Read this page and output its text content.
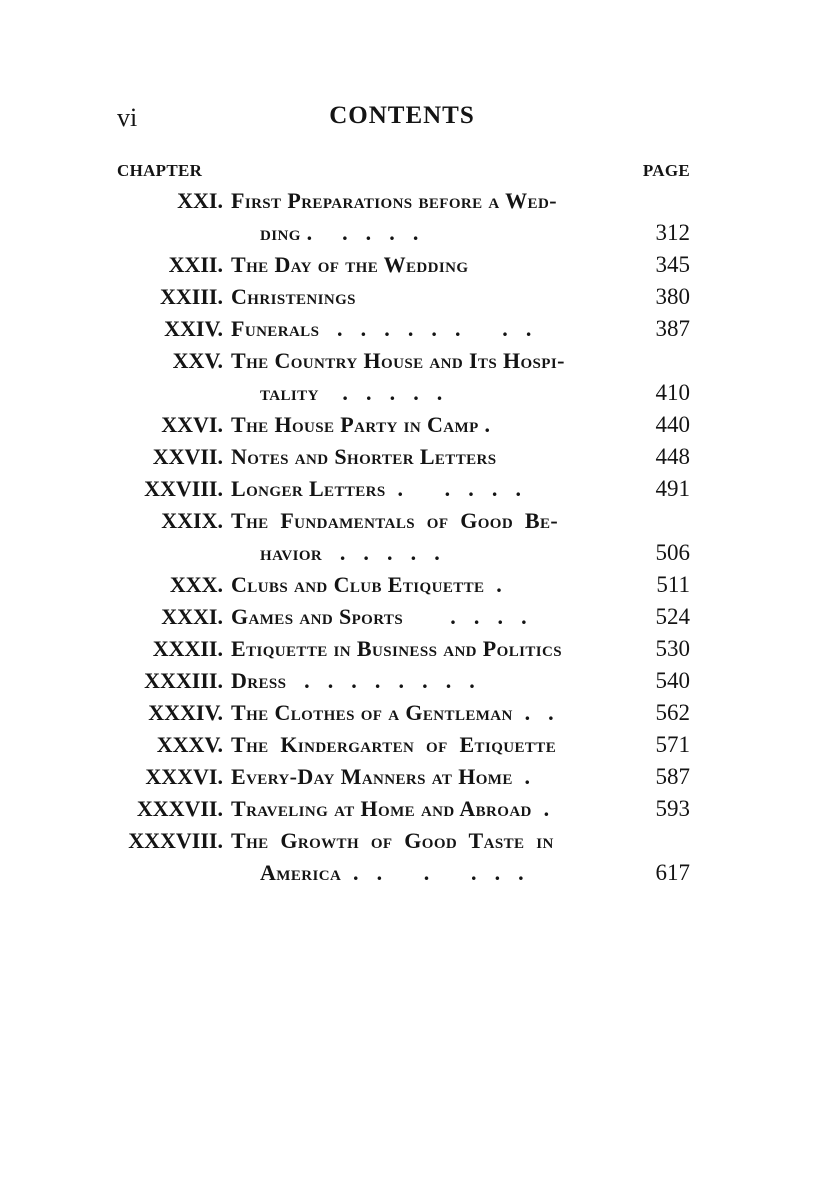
vi	CONTENTS
CHAPTER	PAGE
XXI. First Preparations before a Wed-
ding .     .   .   .   .	312
XXII. The Day of the Wedding	345
XXIII. Christenings	380
XXIV. Funerals   .   .   .   .   .   .       .   .	387
XXV. The Country House and Its Hospi-
tality    .   .   .   .   .	410
XXVI. The House Party in Camp .	440
XXVII. Notes and Shorter Letters	448
XXVIII. Longer Letters  .       .   .   .   .	491
XXIX. The  Fundamentals  of  Good  Be-
havior   .   .   .   .   .	506
XXX. Clubs and Club Etiquette  .	511
XXXI. Games and Sports        .   .   .   .	524
XXXII. Etiquette in Business and Politics	530
XXXIII. Dress   .   .   .   .   .   .   .   .	540
XXXIV. The Clothes of a Gentleman  .   .	562
XXXV. The  Kindergarten  of  Etiquette	571
XXXVI. Every-Day Manners at Home  .	587
XXXVII. Traveling at Home and Abroad  .	593
XXXVIII. The  Growth  of  Good  Taste  in
America  .   .       .       .   .   .	617
